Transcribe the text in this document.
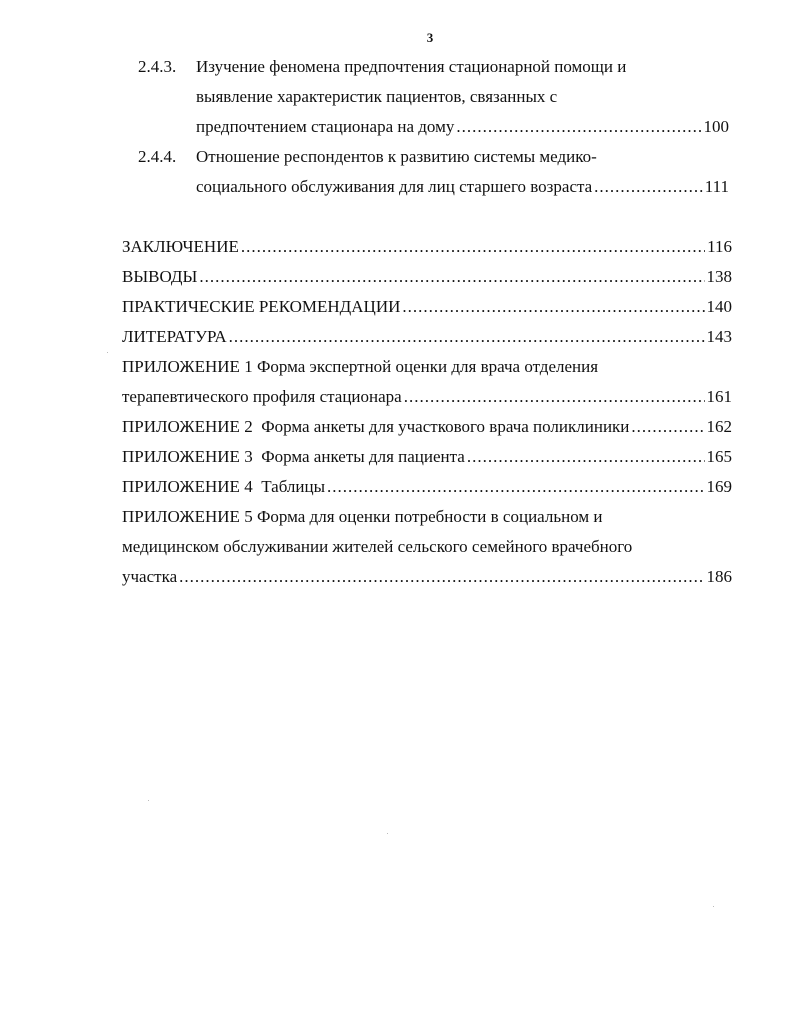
3
2.4.3. Изучение феномена предпочтения стационарной помощи и
выявление характеристик пациентов, связанных с
предпочтением стационара на дому .....	100
2.4.4. Отношение респондентов к развитию системы медико-
социального обслуживания для лиц старшего возраста .....	111
ЗАКЛЮЧЕНИЕ .....	116
ВЫВОДЫ .....	138
ПРАКТИЧЕСКИЕ РЕКОМЕНДАЦИИ .....	140
ЛИТЕРАТУРА .....	143
ПРИЛОЖЕНИЕ 1 Форма экспертной оценки для врача отделения
терапевтического профиля стационара .....	161
ПРИЛОЖЕНИЕ 2  Форма анкеты для участкового врача поликлиники .....	162
ПРИЛОЖЕНИЕ 3  Форма анкеты для пациента .....	165
ПРИЛОЖЕНИЕ 4  Таблицы .....	169
ПРИЛОЖЕНИЕ 5 Форма для оценки потребности в социальном и
медицинском обслуживании жителей сельского семейного врачебного
участка .....	186
